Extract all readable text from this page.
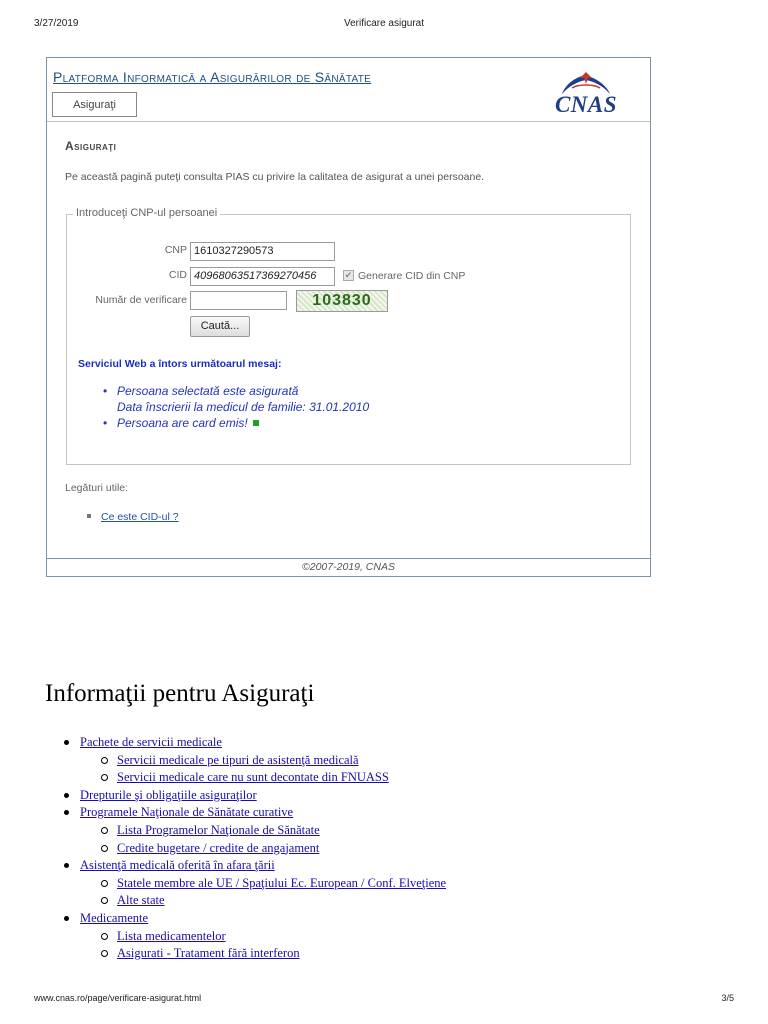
3/27/2019	Verificare asigurat
Platforma Informatică a Asigurărilor de Sănătate
Asiguraţi	CNAS
Asiguraţi
Pe această pagină puteţi consulta PIAS cu privire la calitatea de asigurat a unei persoane.
Introduceţi CNP-ul persoanei
CNP 1610327290573
CID 40968063517369270456	✔ Generare CID din CNP
Număr de verificare	103830
Caută...
Serviciul Web a întors următoarul mesaj:
• Persoana selectată este asigurată
Data înscrierii la medicul de familie: 31.01.2010
• Persoana are card emis!
Legături utile:
Ce este CID-ul ?
©2007-2019, CNAS
Informaţii pentru Asiguraţi
Pachete de servicii medicale
Servicii medicale pe tipuri de asistenţă medicală
Servicii medicale care nu sunt decontate din FNUASS
Drepturile şi obligaţiile asiguraţilor
Programele Naţionale de Sănătate curative
Lista Programelor Naţionale de Sănătate
Credite bugetare / credite de angajament
Asistenţă medicală oferită în afara ţării
Statele membre ale UE / Spaţiului Ec. European / Conf. Elveţiene
Alte state
Medicamente
Lista medicamentelor
Asigurati - Tratament fără interferon
www.cnas.ro/page/verificare-asigurat.html	3/5
